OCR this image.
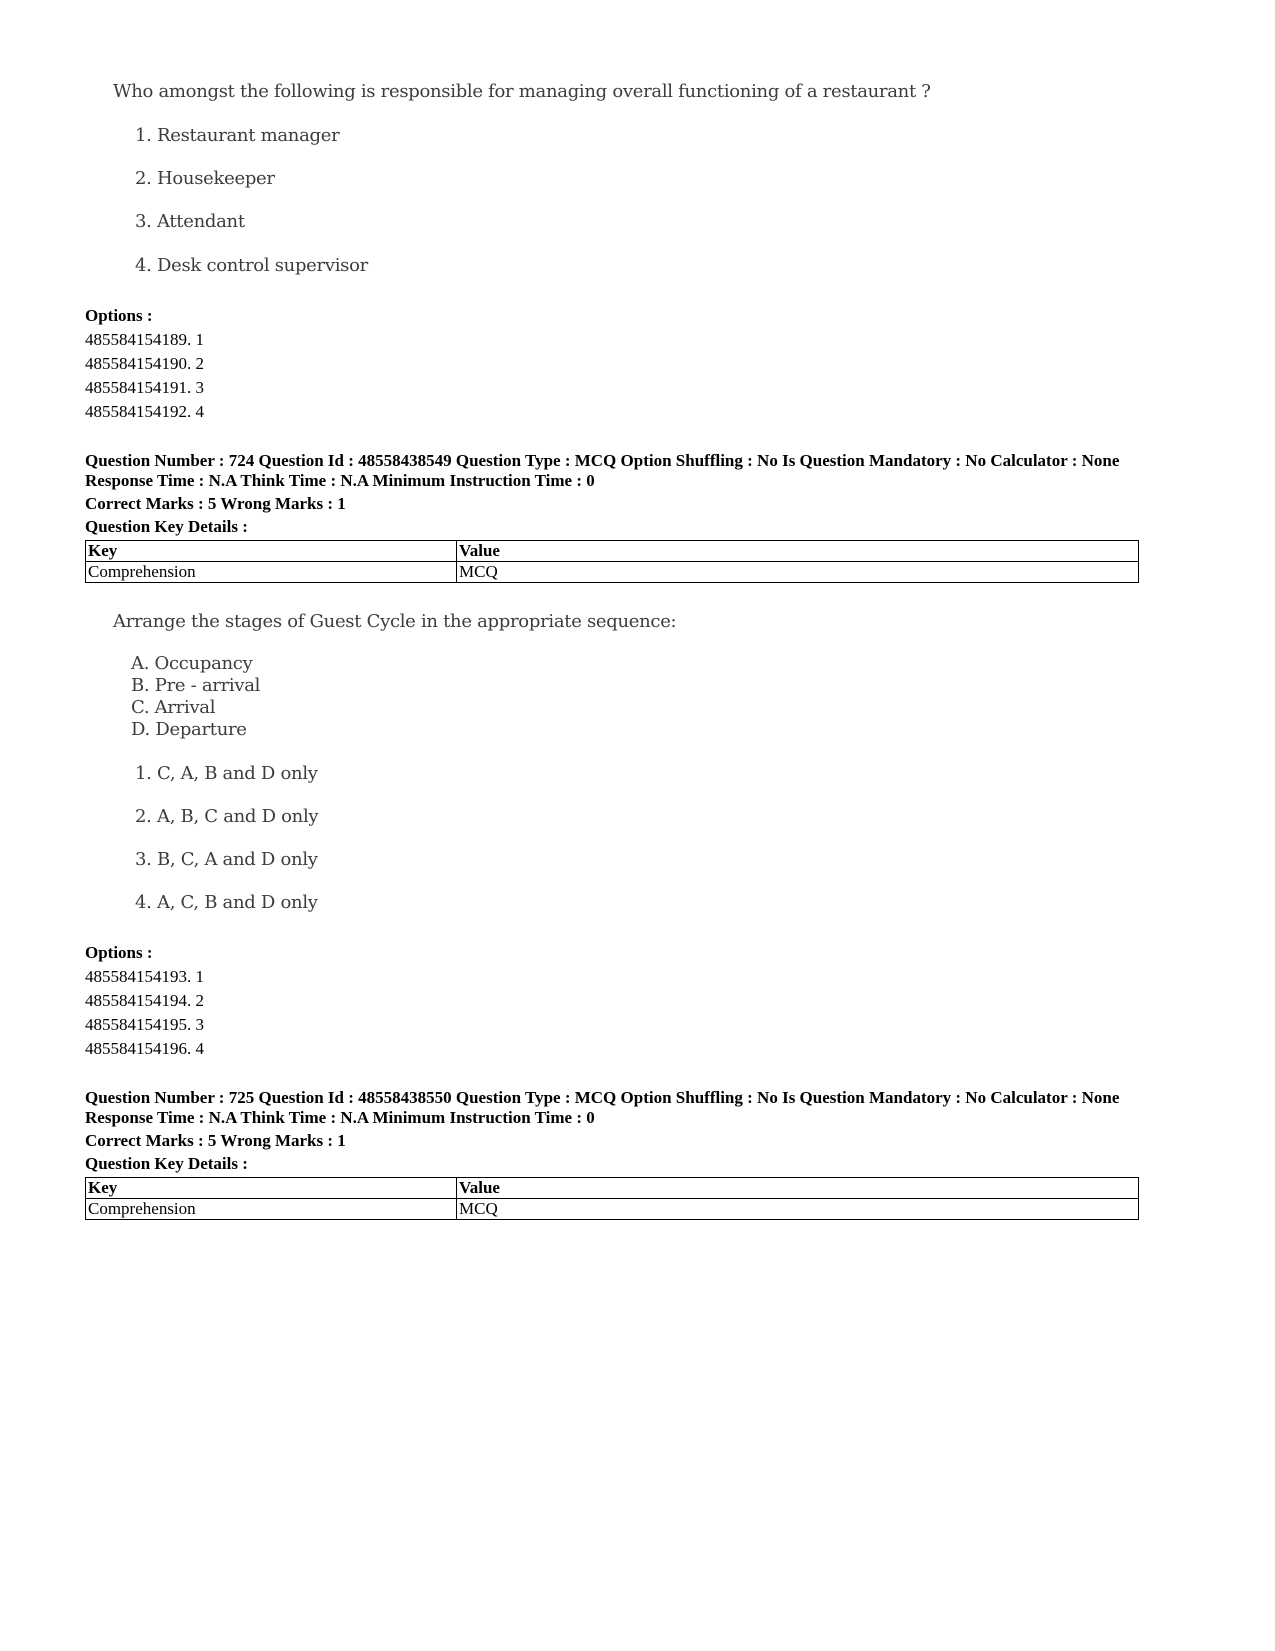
Who amongst the following is responsible for managing overall functioning of a restaurant ?
1. Restaurant manager
2. Housekeeper
3. Attendant
4. Desk control supervisor
Options :
485584154189. 1
485584154190. 2
485584154191. 3
485584154192. 4
Question Number : 724 Question Id : 48558438549 Question Type : MCQ Option Shuffling : No Is Question Mandatory : No Calculator : None
Response Time : N.A Think Time : N.A Minimum Instruction Time : 0
Correct Marks : 5 Wrong Marks : 1
Question Key Details :
Key	Value
Comprehension	MCQ
Arrange the stages of Guest Cycle in the appropriate sequence:
A. Occupancy
B. Pre - arrival
C. Arrival
D. Departure
1. C, A, B and D only
2. A, B, C and D only
3. B, C, A and D only
4. A, C, B and D only
Options :
485584154193. 1
485584154194. 2
485584154195. 3
485584154196. 4
Question Number : 725 Question Id : 48558438550 Question Type : MCQ Option Shuffling : No Is Question Mandatory : No Calculator : None
Response Time : N.A Think Time : N.A Minimum Instruction Time : 0
Correct Marks : 5 Wrong Marks : 1
Question Key Details :
Key	Value
Comprehension	MCQ
